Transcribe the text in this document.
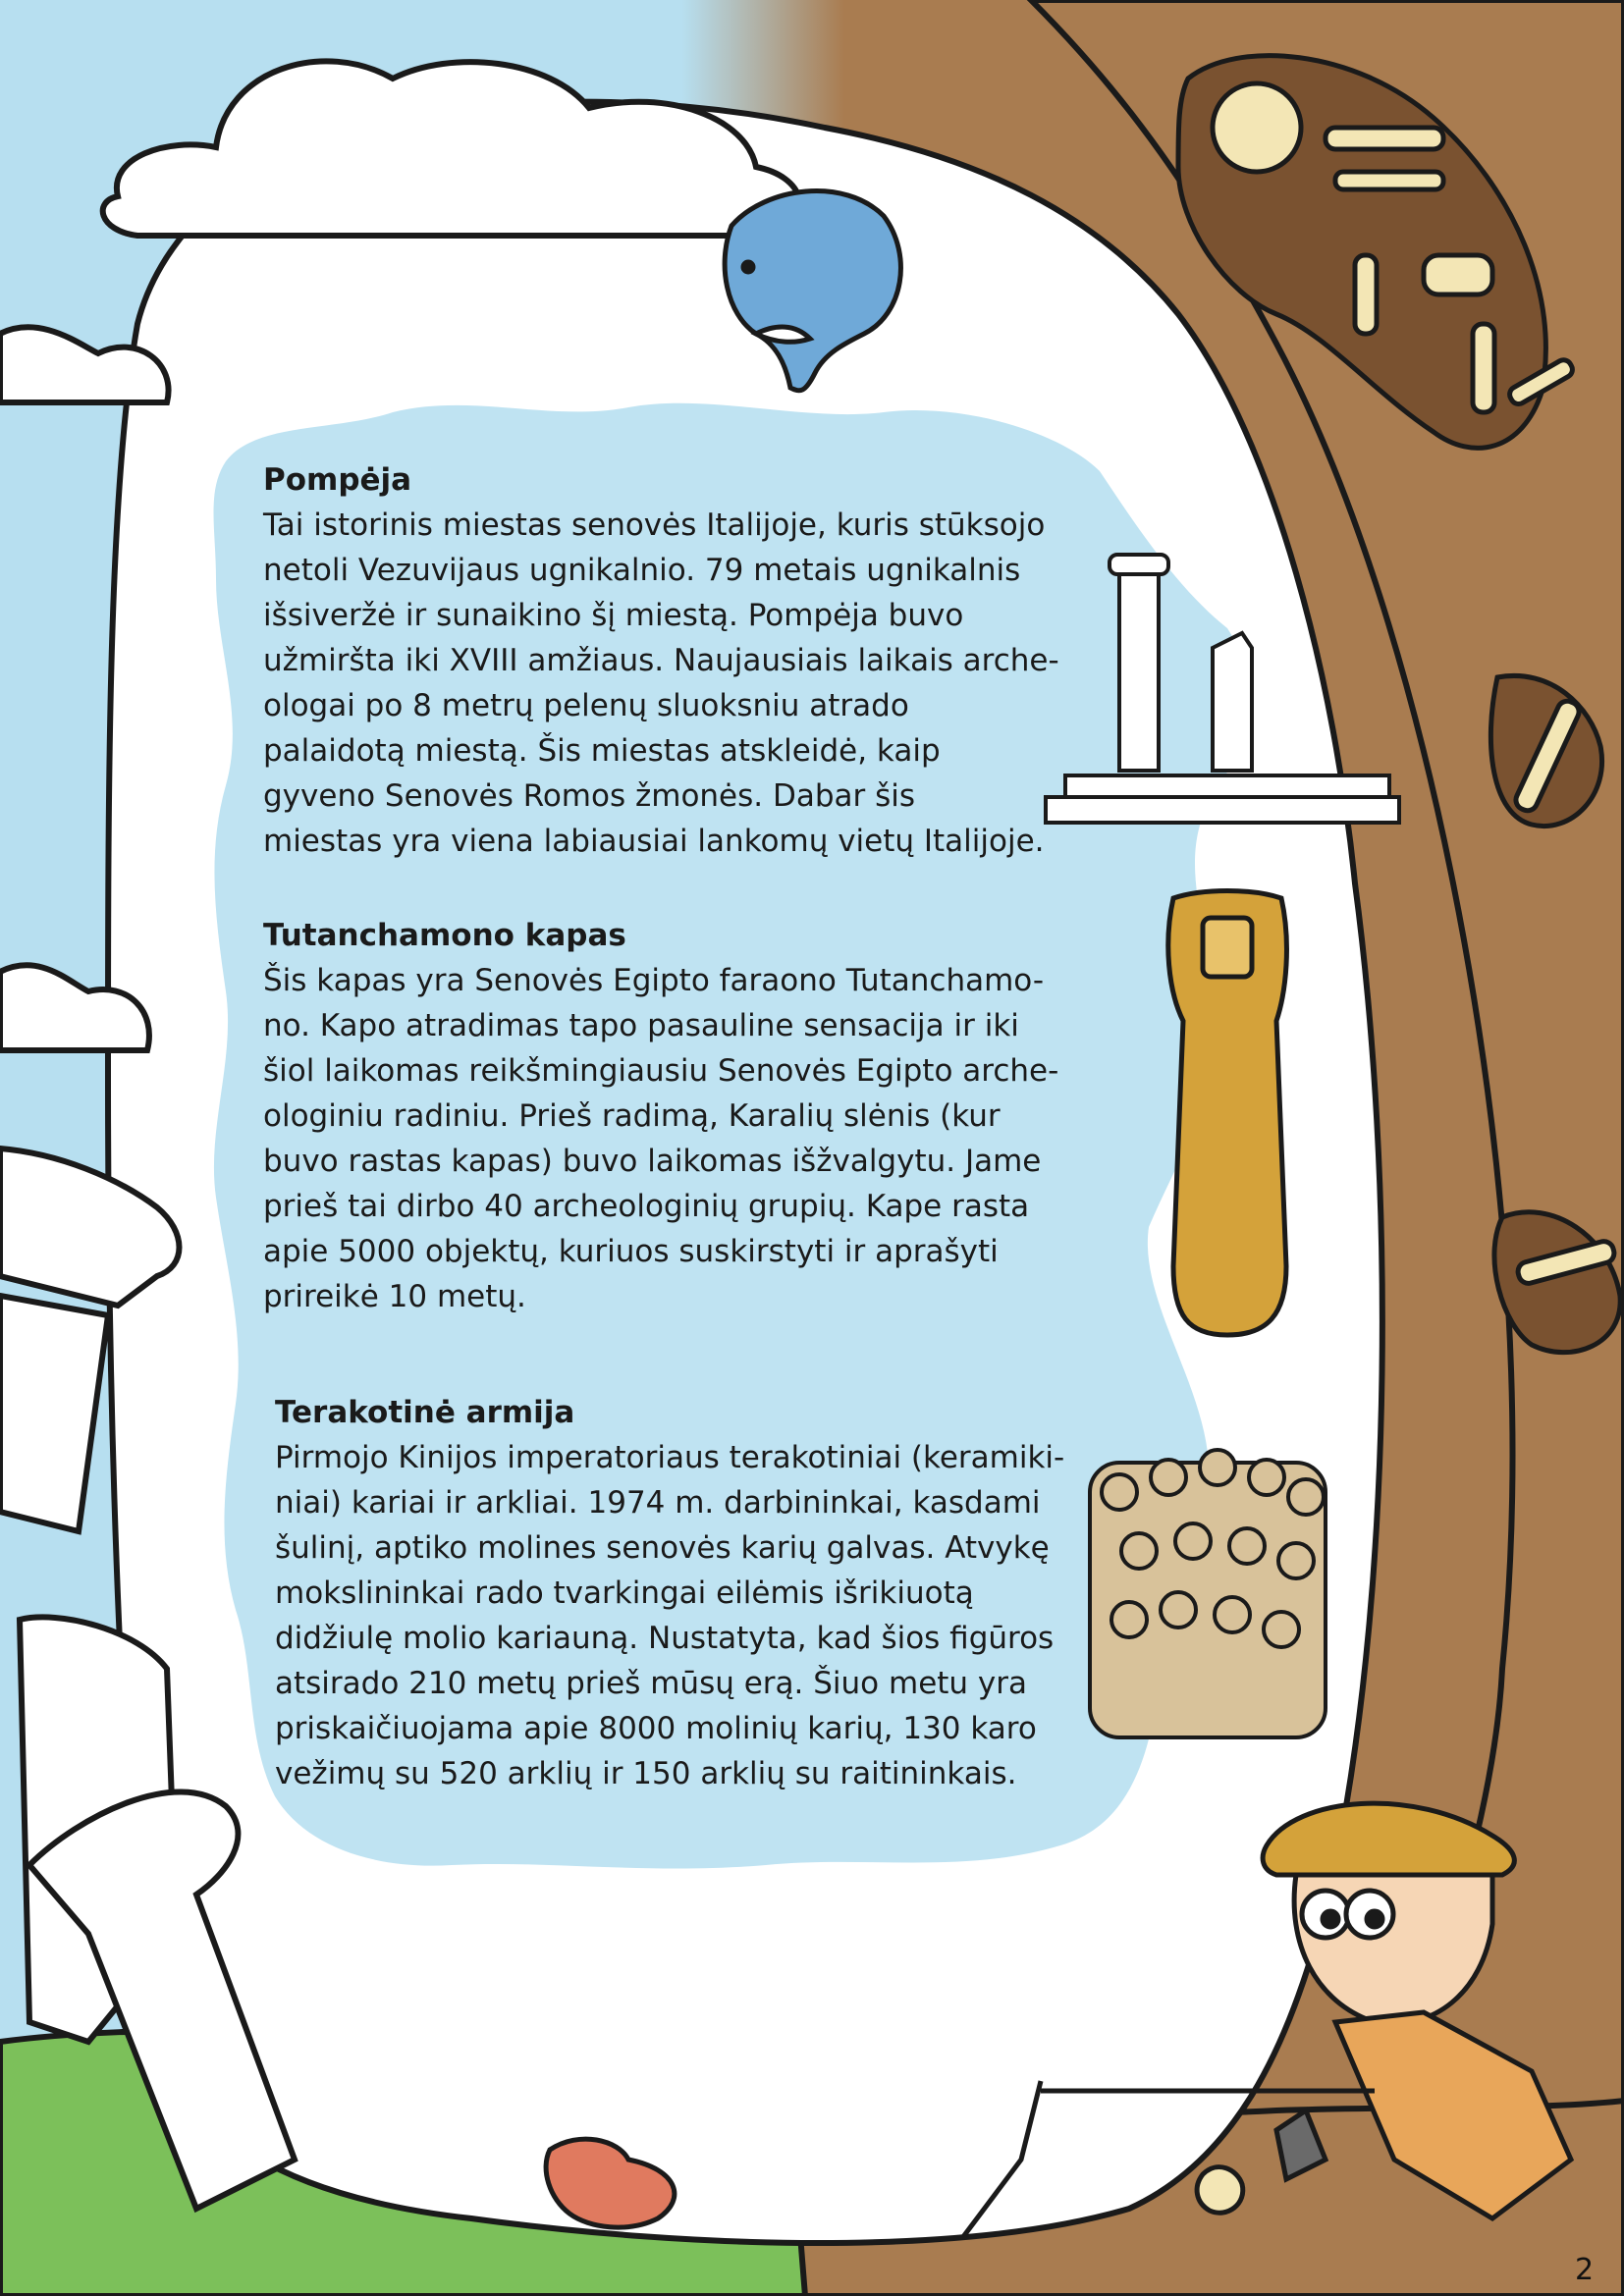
Pompėja

Tai istorinis miestas senovės Italijoje, kuris stūksojo
netoli Vezuvijaus ugnikalnio. 79 metais ugnikalnis
išsiveržė ir sunaikino šį miestą. Pompėja buvo
užmiršta iki XVIII amžiaus. Naujausiais laikais arche-
ologai po 8 metrų pelenų sluoksniu atrado
palaidotą miestą. Šis miestas atskleidė, kaip
gyveno Senovės Romos žmonės. Dabar šis
miestas yra viena labiausiai lankomų vietų Italijoje.

Tutanchamono kapas

Šis kapas yra Senovės Egipto faraono Tutanchamo-
no. Kapo atradimas tapo pasauline sensacija ir iki
šiol laikomas reikšmingiausiu Senovės Egipto arche-
ologiniu radiniu. Prieš radimą, Karalių slėnis (kur
buvo rastas kapas) buvo laikomas išžvalgytu. Jame
prieš tai dirbo 40 archeologinių grupių. Kape rasta
apie 5000 objektų, kuriuos suskirstyti ir aprašyti
prireikė 10 metų.

Terakotinė armija

Pirmojo Kinijos imperatoriaus terakotiniai (keramiki-
niai) kariai ir arkliai. 1974 m. darbininkai, kasdami
šulinį, aptiko molines senovės karių galvas. Atvykę
mokslininkai rado tvarkingai eilėmis išrikiuotą
didžiulę molio kariauną. Nustatyta, kad šios figūros
atsirado 210 metų prieš mūsų erą. Šiuo metu yra
priskaičiuojama apie 8000 molinių karių, 130 karo
vežimų su 520 arklių ir 150 arklių su raitininkais.

2
